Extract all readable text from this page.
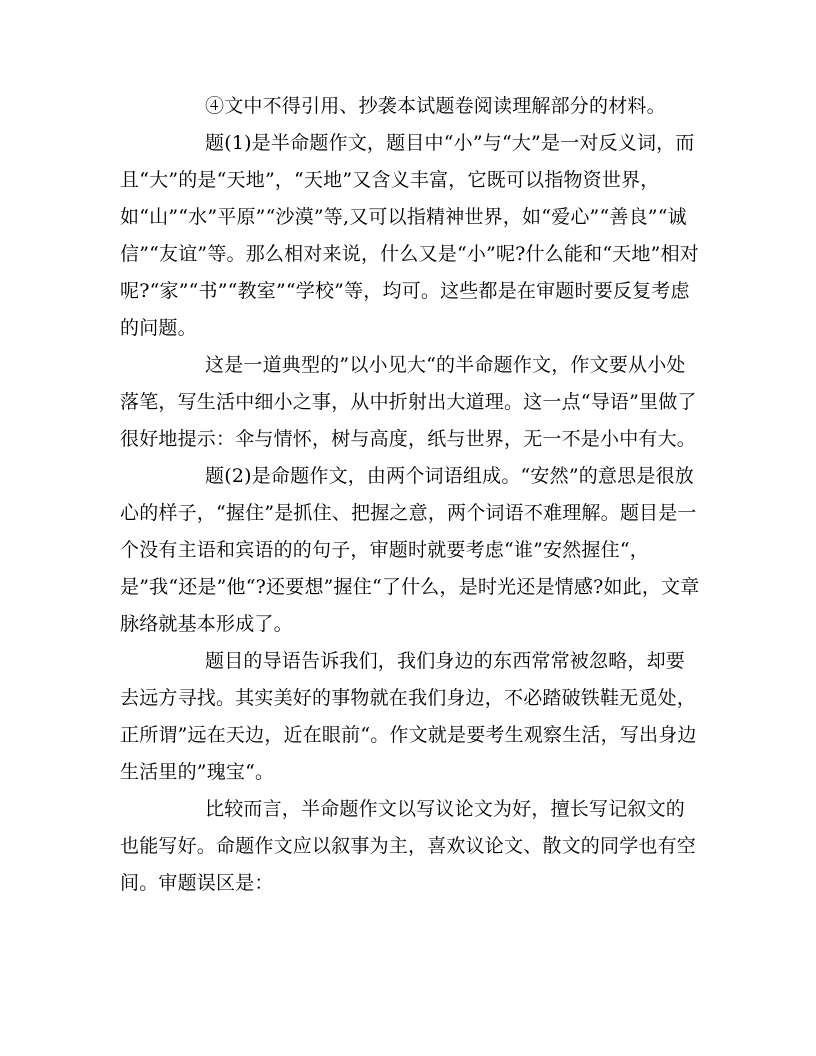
④文中不得引用、抄袭本试题卷阅读理解部分的材料。

题(1)是半命题作文，题目中“小”与“大”是一对反义词，而且“大”的是“天地”，“天地”又含义丰富，它既可以指物资世界，如“山”“水”平原”“沙漠”等,又可以指精神世界，如“爱心”“善良”“诚信”“友谊”等。那么相对来说，什么又是“小”呢?什么能和“天地”相对呢?“家”“书”“教室”“学校”等，均可。这些都是在审题时要反复考虑的问题。

这是一道典型的”以小见大“的半命题作文，作文要从小处落笔，写生活中细小之事，从中折射出大道理。这一点“导语”里做了很好地提示：伞与情怀，树与高度，纸与世界，无一不是小中有大。

题(2)是命题作文，由两个词语组成。“安然”的意思是很放心的样子，“握住”是抓住、把握之意，两个词语不难理解。题目是一个没有主语和宾语的的句子，审题时就要考虑“谁”安然握住“，是”我“还是”他“?还要想”握住“了什么，是时光还是情感?如此，文章脉络就基本形成了。

题目的导语告诉我们，我们身边的东西常常被忽略，却要去远方寻找。其实美好的事物就在我们身边，不必踏破铁鞋无觅处，正所谓”远在天边，近在眼前“。作文就是要考生观察生活，写出身边生活里的”瑰宝“。

比较而言，半命题作文以写议论文为好，擅长写记叙文的也能写好。命题作文应以叙事为主，喜欢议论文、散文的同学也有空间。审题误区是：
